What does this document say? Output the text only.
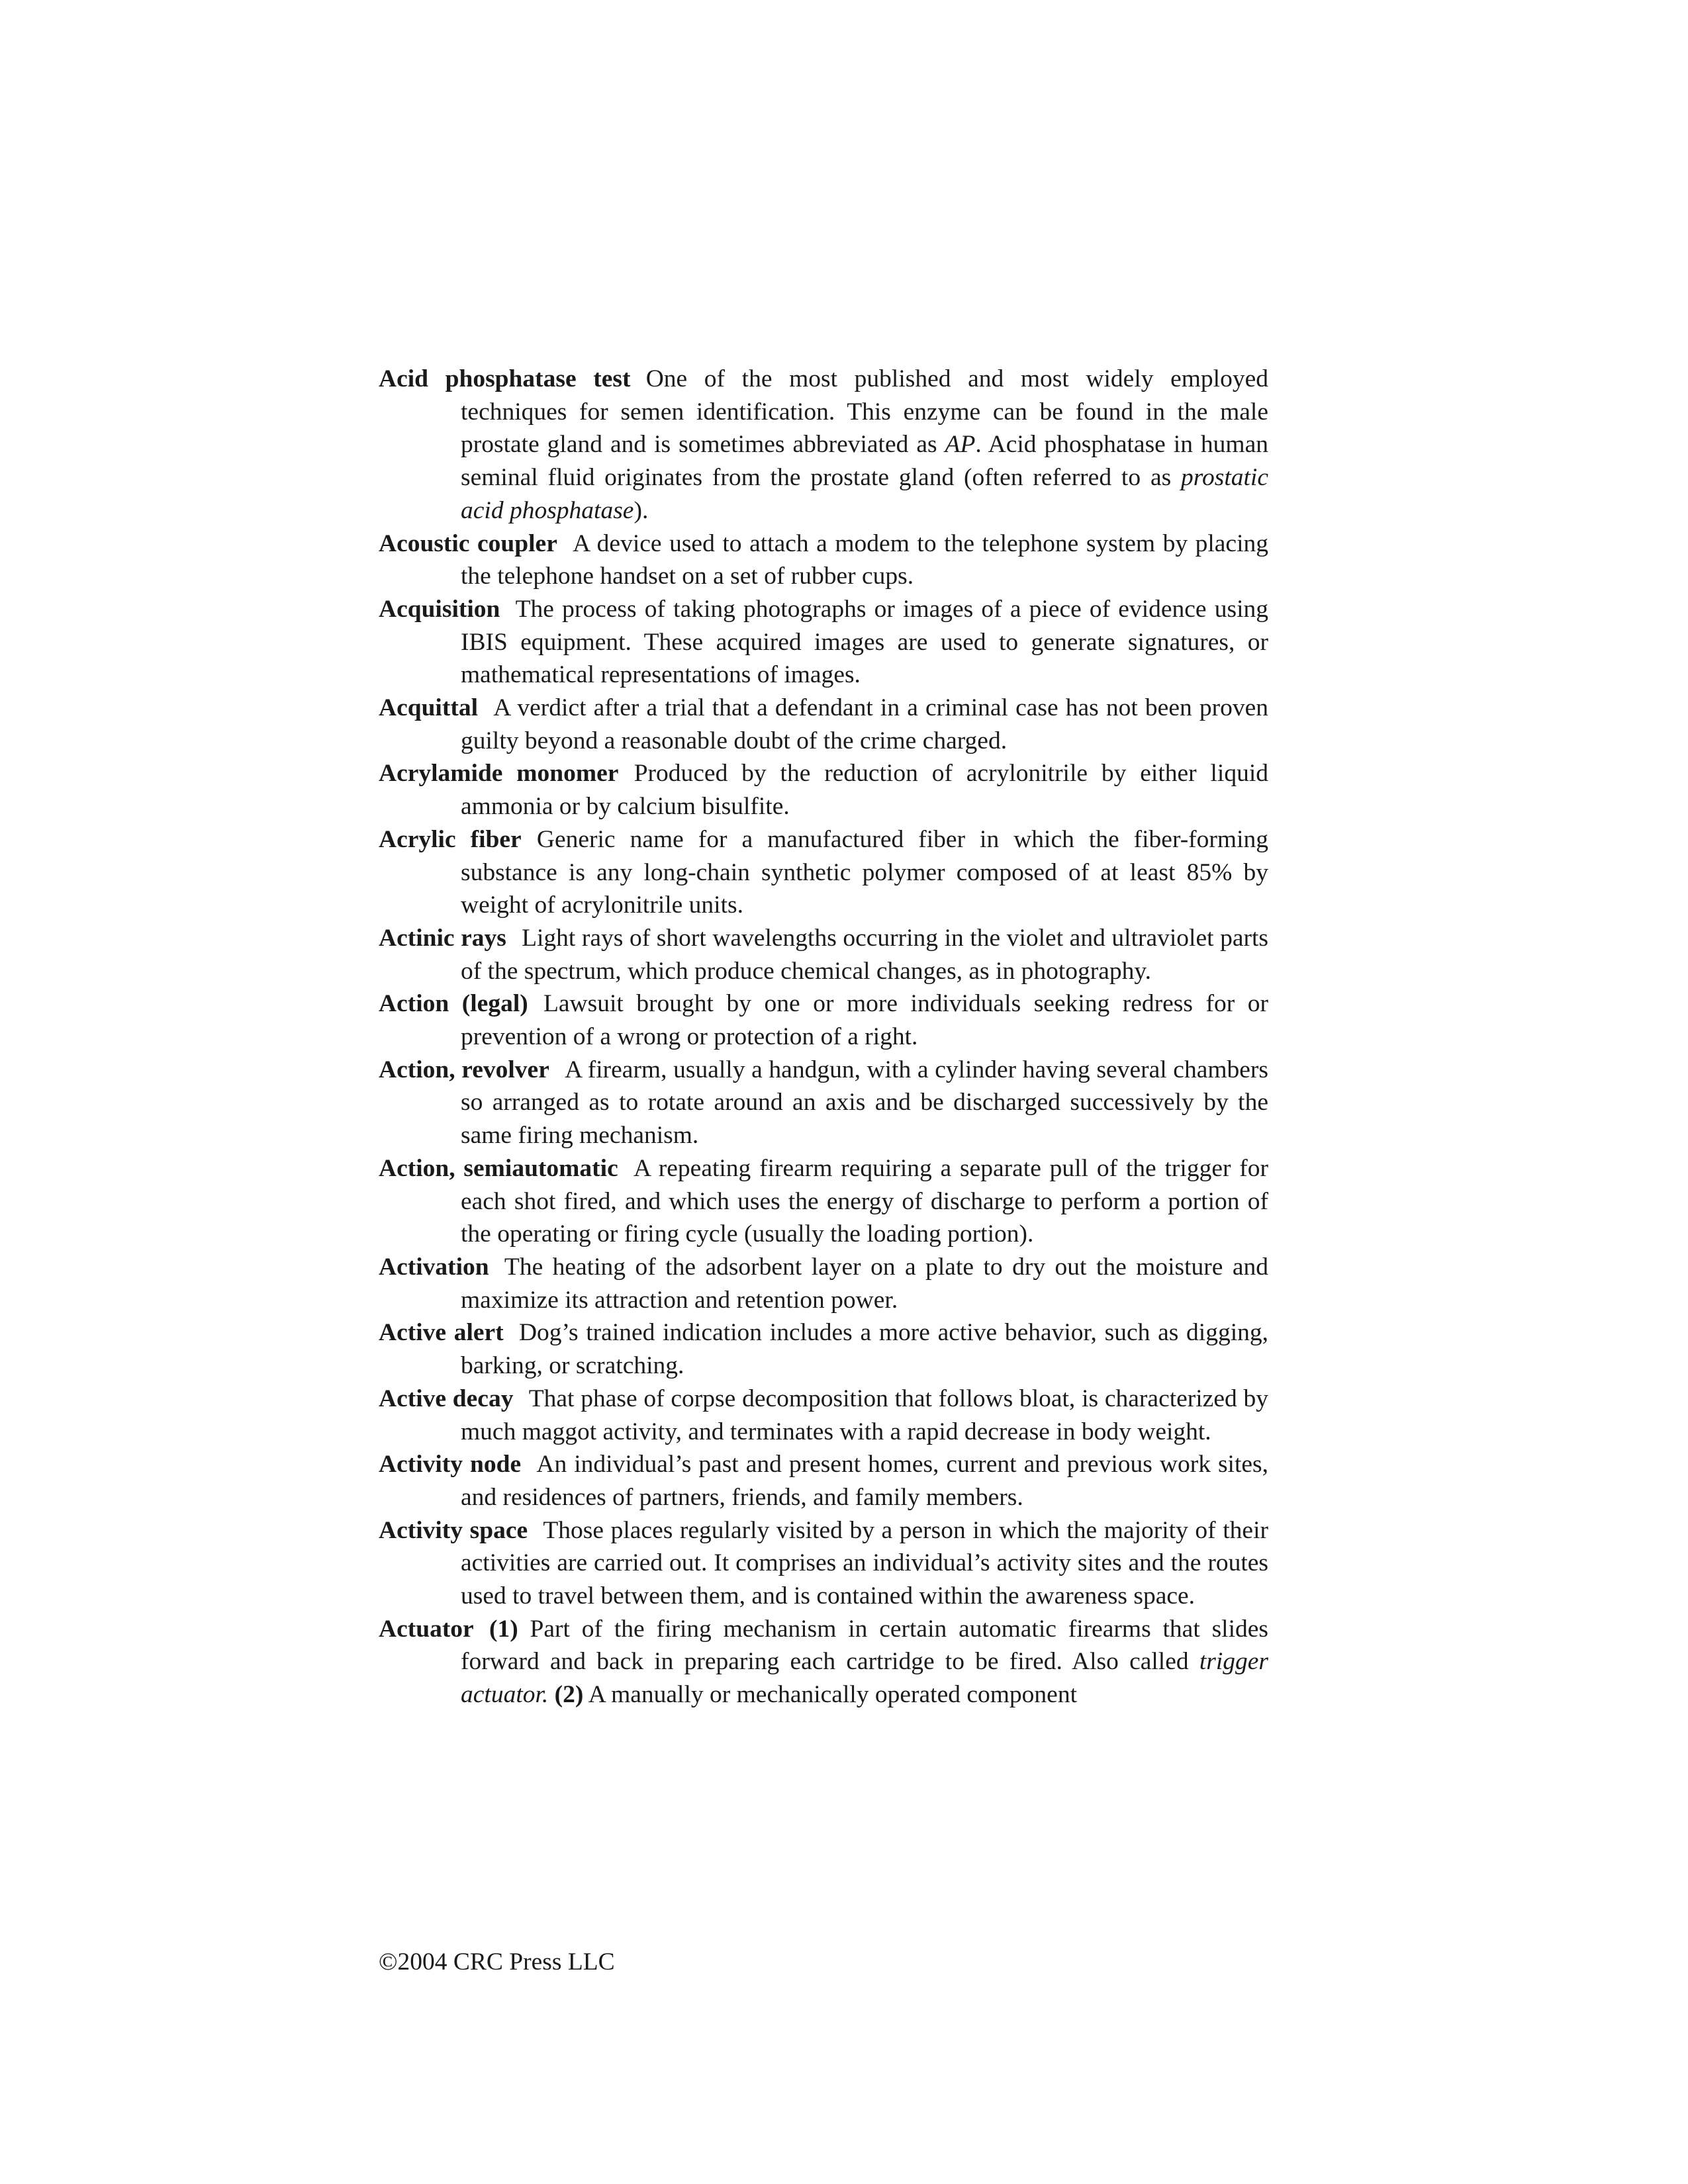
Acid phosphatase test One of the most published and most widely employed techniques for semen identification. This enzyme can be found in the male prostate gland and is sometimes abbreviated as AP. Acid phosphatase in human seminal fluid originates from the prostate gland (often referred to as prostatic acid phosphatase).

Acoustic coupler A device used to attach a modem to the telephone system by placing the telephone handset on a set of rubber cups.

Acquisition The process of taking photographs or images of a piece of evidence using IBIS equipment. These acquired images are used to generate signatures, or mathematical representations of images.

Acquittal A verdict after a trial that a defendant in a criminal case has not been proven guilty beyond a reasonable doubt of the crime charged.

Acrylamide monomer Produced by the reduction of acrylonitrile by either liquid ammonia or by calcium bisulfite.

Acrylic fiber Generic name for a manufactured fiber in which the fiber-forming substance is any long-chain synthetic polymer composed of at least 85% by weight of acrylonitrile units.

Actinic rays Light rays of short wavelengths occurring in the violet and ultraviolet parts of the spectrum, which produce chemical changes, as in photography.

Action (legal) Lawsuit brought by one or more individuals seeking redress for or prevention of a wrong or protection of a right.

Action, revolver A firearm, usually a handgun, with a cylinder having several chambers so arranged as to rotate around an axis and be discharged successively by the same firing mechanism.

Action, semiautomatic A repeating firearm requiring a separate pull of the trigger for each shot fired, and which uses the energy of discharge to perform a portion of the operating or firing cycle (usually the loading portion).

Activation The heating of the adsorbent layer on a plate to dry out the moisture and maximize its attraction and retention power.

Active alert Dog’s trained indication includes a more active behavior, such as digging, barking, or scratching.

Active decay That phase of corpse decomposition that follows bloat, is characterized by much maggot activity, and terminates with a rapid decrease in body weight.

Activity node An individual’s past and present homes, current and previous work sites, and residences of partners, friends, and family members.

Activity space Those places regularly visited by a person in which the majority of their activities are carried out. It comprises an individual’s activity sites and the routes used to travel between them, and is contained within the awareness space.

Actuator (1) Part of the firing mechanism in certain automatic firearms that slides forward and back in preparing each cartridge to be fired. Also called trigger actuator. (2) A manually or mechanically operated component

©2004 CRC Press LLC
